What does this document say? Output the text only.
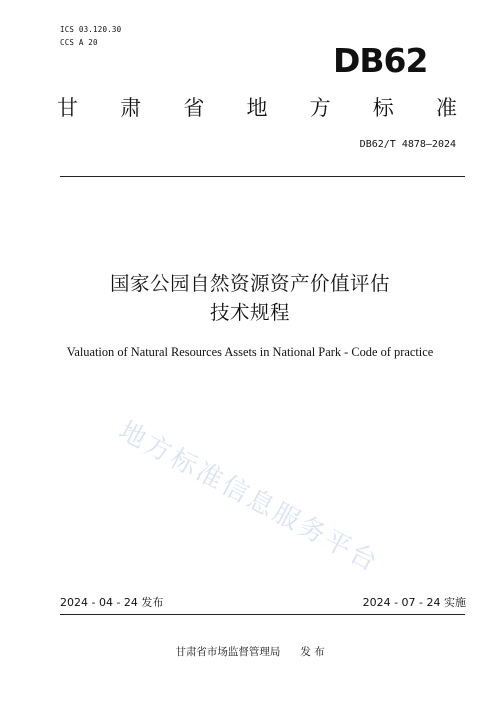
ICS 03.120.30
CCS A 20	DB62
甘 肃 省 地 方 标 准
DB62/T 4878—2024
国家公园自然资源资产价值评估
技术规程
Valuation of Natural Resources Assets in National Park - Code of practice
地方标准信息服务平台
2024 - 04 - 24 发布	2024 - 07 - 24 实施
甘肃省市场监督管理局 发 布
